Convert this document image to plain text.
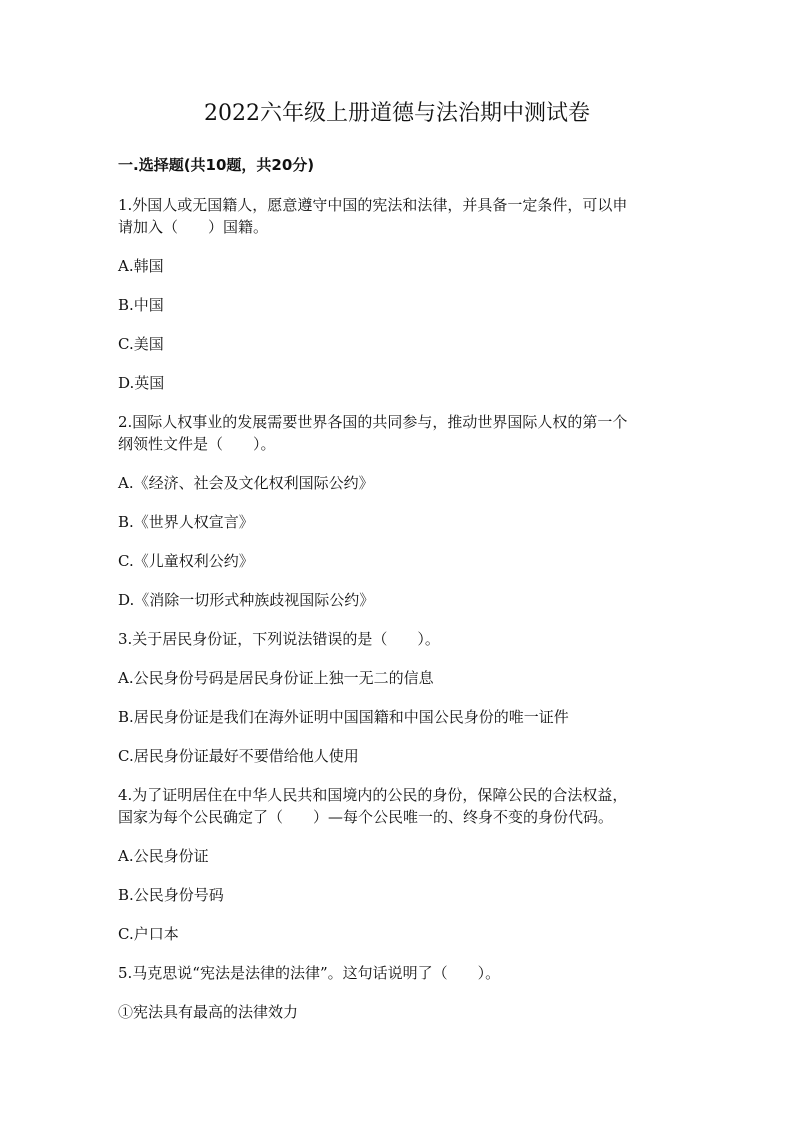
2022六年级上册道德与法治期中测试卷
一.选择题(共10题，共20分)
1.外国人或无国籍人，愿意遵守中国的宪法和法律，并具备一定条件，可以申
请加入（　　）国籍。
A.韩国
B.中国
C.美国
D.英国
2.国际人权事业的发展需要世界各国的共同参与，推动世界国际人权的第一个
纲领性文件是（　　）。
A.《经济、社会及文化权利国际公约》
B.《世界人权宣言》
C.《儿童权利公约》
D.《消除一切形式种族歧视国际公约》
3.关于居民身份证，下列说法错误的是（　　）。
A.公民身份号码是居民身份证上独一无二的信息
B.居民身份证是我们在海外证明中国国籍和中国公民身份的唯一证件
C.居民身份证最好不要借给他人使用
4.为了证明居住在中华人民共和国境内的公民的身份，保障公民的合法权益，
国家为每个公民确定了（　　）—每个公民唯一的、终身不变的身份代码。
A.公民身份证
B.公民身份号码
C.户口本
5.马克思说“宪法是法律的法律”。这句话说明了（　　）。
①宪法具有最高的法律效力
